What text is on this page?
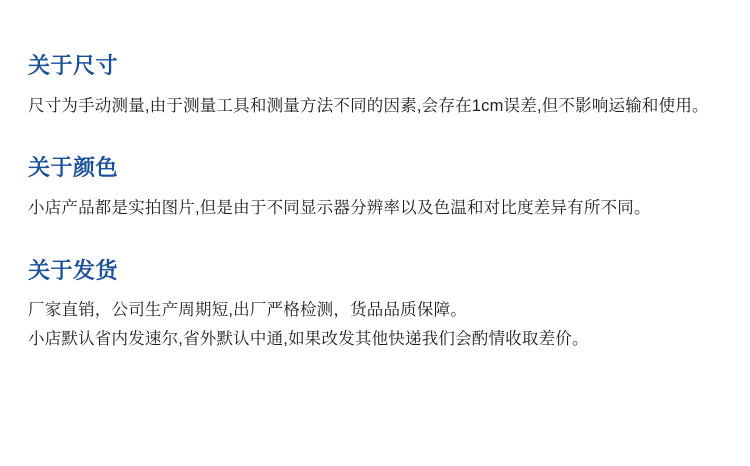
关于尺寸

尺寸为手动测量,由于测量工具和测量方法不同的因素,会存在1cm误差,但不影响运输和使用。

关于颜色

小店产品都是实拍图片,但是由于不同显示器分辨率以及色温和对比度差异有所不同。

关于发货

厂家直销，公司生产周期短,出厂严格检测，货品品质保障。

小店默认省内发速尔,省外默认中通,如果改发其他快递我们会酌情收取差价。
